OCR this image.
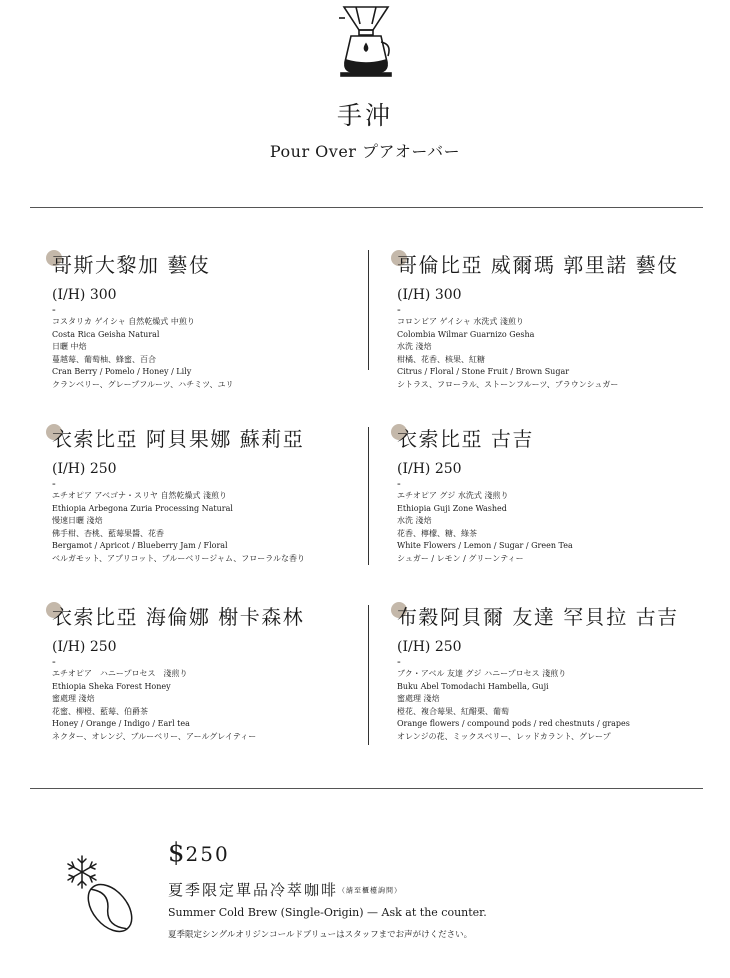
手沖
Pour Over プアオーバー
哥斯大黎加 藝伎
(I/H) 300
-
コスタリカ ゲイシャ 自然乾燥式 中煎り
Costa Rica Geisha Natural
日曬 中焙
蔓越莓、葡萄柚、蜂蜜、百合
Cran Berry / Pomelo / Honey / Lily
クランベリー、グレープフルーツ、ハチミツ、ユリ
哥倫比亞 威爾瑪 郭里諾 藝伎
(I/H) 300
-
コロンビア ゲイシャ 水洗式 淺煎り
Colombia Wilmar Guarnizo Gesha
水洗 淺焙
柑橘、花香、核果、紅糖
Citrus / Floral / Stone Fruit / Brown Sugar
シトラス、フローラル、ストーンフルーツ、ブラウンシュガー
衣索比亞 阿貝果娜 蘇莉亞
(I/H) 250
-
エチオピア アベゴナ・スリヤ 自然乾燥式 淺煎り
Ethiopia Arbegona Zuria Processing Natural
慢速日曬 淺焙
佛手柑、杏桃、藍莓果醬、花香
Bergamot / Apricot / Blueberry Jam / Floral
ベルガモット、アプリコット、ブルーベリージャム、フローラルな香り
衣索比亞 古吉
(I/H) 250
-
エチオピア グジ 水洗式 淺煎り
Ethiopia Guji Zone Washed
水洗 淺焙
花香、檸檬、糖、綠茶
White Flowers / Lemon / Sugar / Green Tea
シュガー / レモン / グリーンティー
衣索比亞 海倫娜 榭卡森林
(I/H) 250
-
エチオピア　ハニープロセス　淺煎り
Ethiopia Sheka Forest Honey
蜜處理 淺焙
花蜜、柳橙、藍莓、伯爵茶
Honey / Orange / Indigo / Earl tea
ネクター、オレンジ、ブルーベリー、アールグレイティー
布穀阿貝爾 友達 罕貝拉 古吉
(I/H) 250
-
ブク・アベル 友達 グジ ハニープロセス 淺煎り
Buku Abel Tomodachi Hambella, Guji
蜜處理 淺焙
橙花、複合莓果、紅醋栗、葡萄
Orange flowers / compound pods / red chestnuts / grapes
オレンジの花、ミックスベリー、レッドカラント、グレープ
$250
夏季限定單品冷萃咖啡（請至櫃檯詢問）
Summer Cold Brew (Single-Origin) — Ask at the counter.
夏季限定シングルオリジンコールドブリューはスタッフまでお声がけください。
